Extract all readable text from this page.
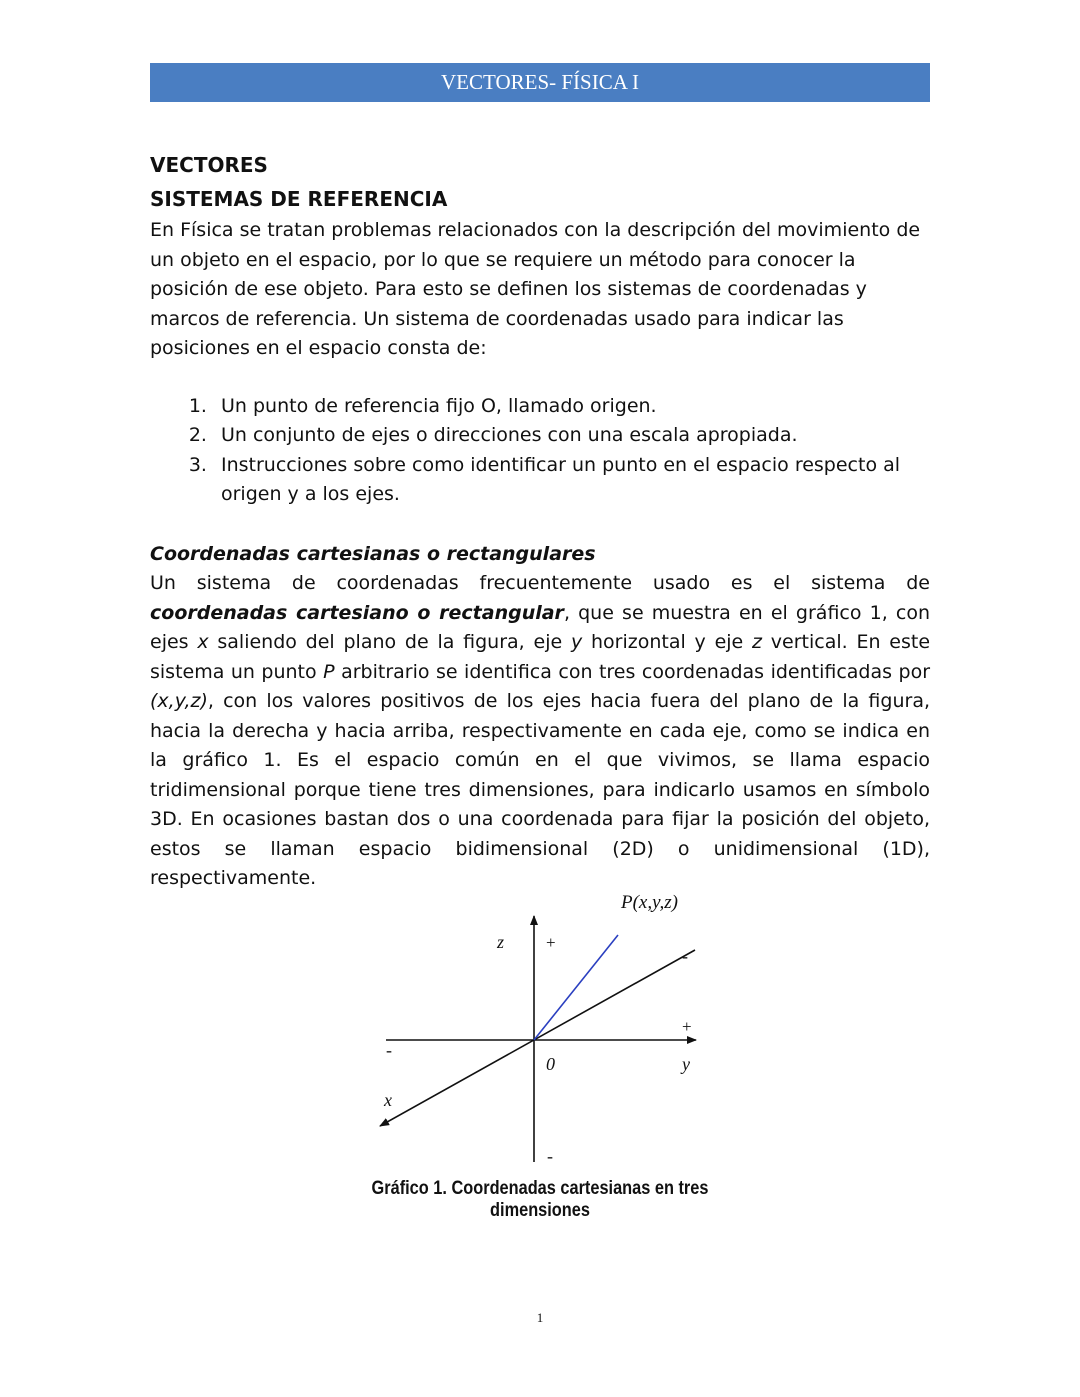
VECTORES- FÍSICA I
VECTORES
SISTEMAS DE REFERENCIA

En Física se tratan problemas relacionados con la descripción del movimiento de un objeto en el espacio, por lo que se requiere un método para conocer la posición de ese objeto. Para esto se definen los sistemas de coordenadas y marcos de referencia. Un sistema de coordenadas usado para indicar las posiciones en el espacio consta de:

1. Un punto de referencia fijo O, llamado origen.
2. Un conjunto de ejes o direcciones con una escala apropiada.
3. Instrucciones sobre como identificar un punto en el espacio respecto al origen y a los ejes.
Coordenadas cartesianas o rectangulares

Un sistema de coordenadas frecuentemente usado es el sistema de coordenadas cartesiano o rectangular, que se muestra en el gráfico 1, con ejes x saliendo del plano de la figura, eje y horizontal y eje z vertical. En este sistema un punto P arbitrario se identifica con tres coordenadas identificadas por (x,y,z), con los valores positivos de los ejes hacia fuera del plano de la figura, hacia la derecha y hacia arriba, respectivamente en cada eje, como se indica en la gráfico 1. Es el espacio común en el que vivimos, se llama espacio tridimensional porque tiene tres dimensiones, para indicarlo usamos en símbolo 3D. En ocasiones bastan dos o una coordenada para fijar la posición del objeto, estos se llaman espacio bidimensional (2D) o unidimensional (1D), respectivamente.

P(x,y,z)
z +
-
-
+
y
0
-
x
Gráfico 1. Coordenadas cartesianas en tres dimensiones
1
